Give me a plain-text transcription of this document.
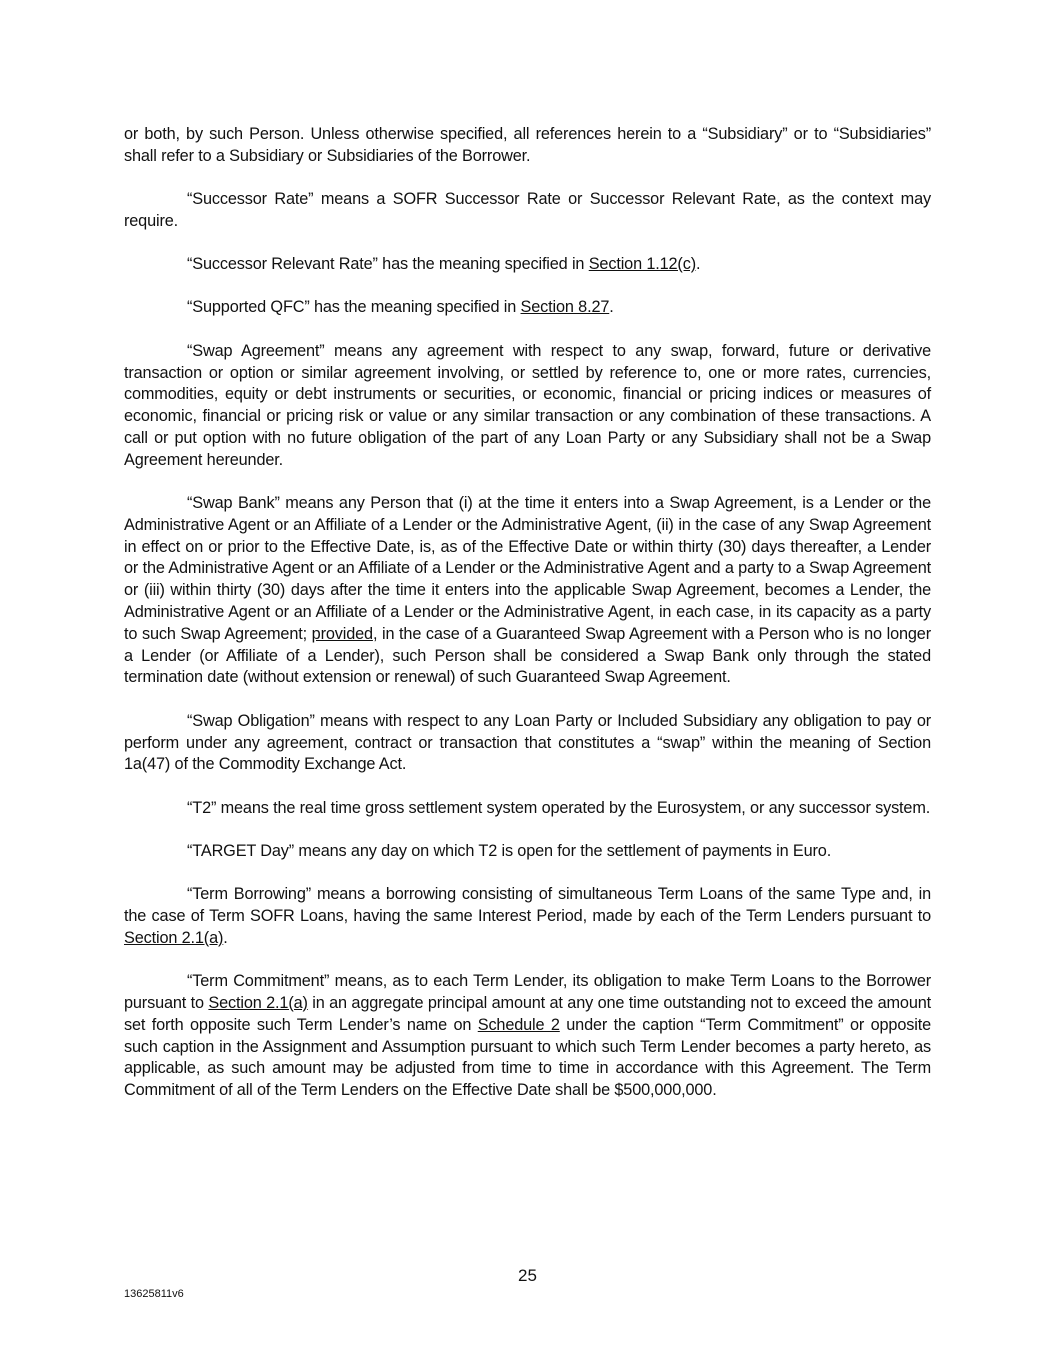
or both, by such Person. Unless otherwise specified, all references herein to a “Subsidiary” or to “Subsidiaries” shall refer to a Subsidiary or Subsidiaries of the Borrower.

“Successor Rate” means a SOFR Successor Rate or Successor Relevant Rate, as the context may require.

“Successor Relevant Rate” has the meaning specified in Section 1.12(c).

“Supported QFC” has the meaning specified in Section 8.27.

“Swap Agreement” means any agreement with respect to any swap, forward, future or derivative transaction or option or similar agreement involving, or settled by reference to, one or more rates, currencies, commodities, equity or debt instruments or securities, or economic, financial or pricing indices or measures of economic, financial or pricing risk or value or any similar transaction or any combination of these transactions. A call or put option with no future obligation of the part of any Loan Party or any Subsidiary shall not be a Swap Agreement hereunder.

“Swap Bank” means any Person that (i) at the time it enters into a Swap Agreement, is a Lender or the Administrative Agent or an Affiliate of a Lender or the Administrative Agent, (ii) in the case of any Swap Agreement in effect on or prior to the Effective Date, is, as of the Effective Date or within thirty (30) days thereafter, a Lender or the Administrative Agent or an Affiliate of a Lender or the Administrative Agent and a party to a Swap Agreement or (iii) within thirty (30) days after the time it enters into the applicable Swap Agreement, becomes a Lender, the Administrative Agent or an Affiliate of a Lender or the Administrative Agent, in each case, in its capacity as a party to such Swap Agreement; provided, in the case of a Guaranteed Swap Agreement with a Person who is no longer a Lender (or Affiliate of a Lender), such Person shall be considered a Swap Bank only through the stated termination date (without extension or renewal) of such Guaranteed Swap Agreement.

“Swap Obligation” means with respect to any Loan Party or Included Subsidiary any obligation to pay or perform under any agreement, contract or transaction that constitutes a “swap” within the meaning of Section 1a(47) of the Commodity Exchange Act.

“T2” means the real time gross settlement system operated by the Eurosystem, or any successor system.

“TARGET Day” means any day on which T2 is open for the settlement of payments in Euro.

“Term Borrowing” means a borrowing consisting of simultaneous Term Loans of the same Type and, in the case of Term SOFR Loans, having the same Interest Period, made by each of the Term Lenders pursuant to Section 2.1(a).

“Term Commitment” means, as to each Term Lender, its obligation to make Term Loans to the Borrower pursuant to Section 2.1(a) in an aggregate principal amount at any one time outstanding not to exceed the amount set forth opposite such Term Lender’s name on Schedule 2 under the caption “Term Commitment” or opposite such caption in the Assignment and Assumption pursuant to which such Term Lender becomes a party hereto, as applicable, as such amount may be adjusted from time to time in accordance with this Agreement. The Term Commitment of all of the Term Lenders on the Effective Date shall be $500,000,000.

25
13625811v6
